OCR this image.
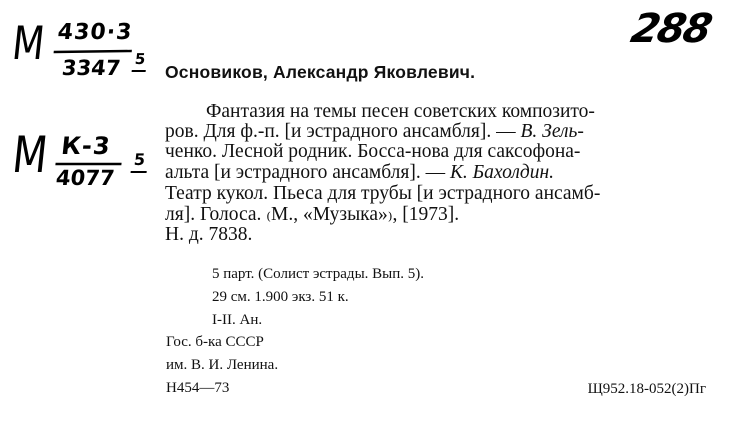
М 430·3
3347 5
М К-3
4077
5
288
Основиков, Александр Яковлевич.
Фантазия на темы песен советских композито-
ров. Для ф.-п. [и эстрадного ансамбля]. — В. Зель-
ченко. Лесной родник. Босса-нова для саксофона-
альта [и эстрадного ансамбля]. — К. Бахолдин.
Театр кукол. Пьеса для трубы [и эстрадного ансамб-
ля]. Голоса. ₍М., «Музыка»₎, [1973].
Н. д. 7838.
5 парт. (Солист эстрады. Вып. 5).
29 см. 1.900 экз. 51 к.
I-II. Ан.
Гос. б-ка СССР
им. В. И. Ленина.
Н454—73	Щ952.18-052(2)Пг
